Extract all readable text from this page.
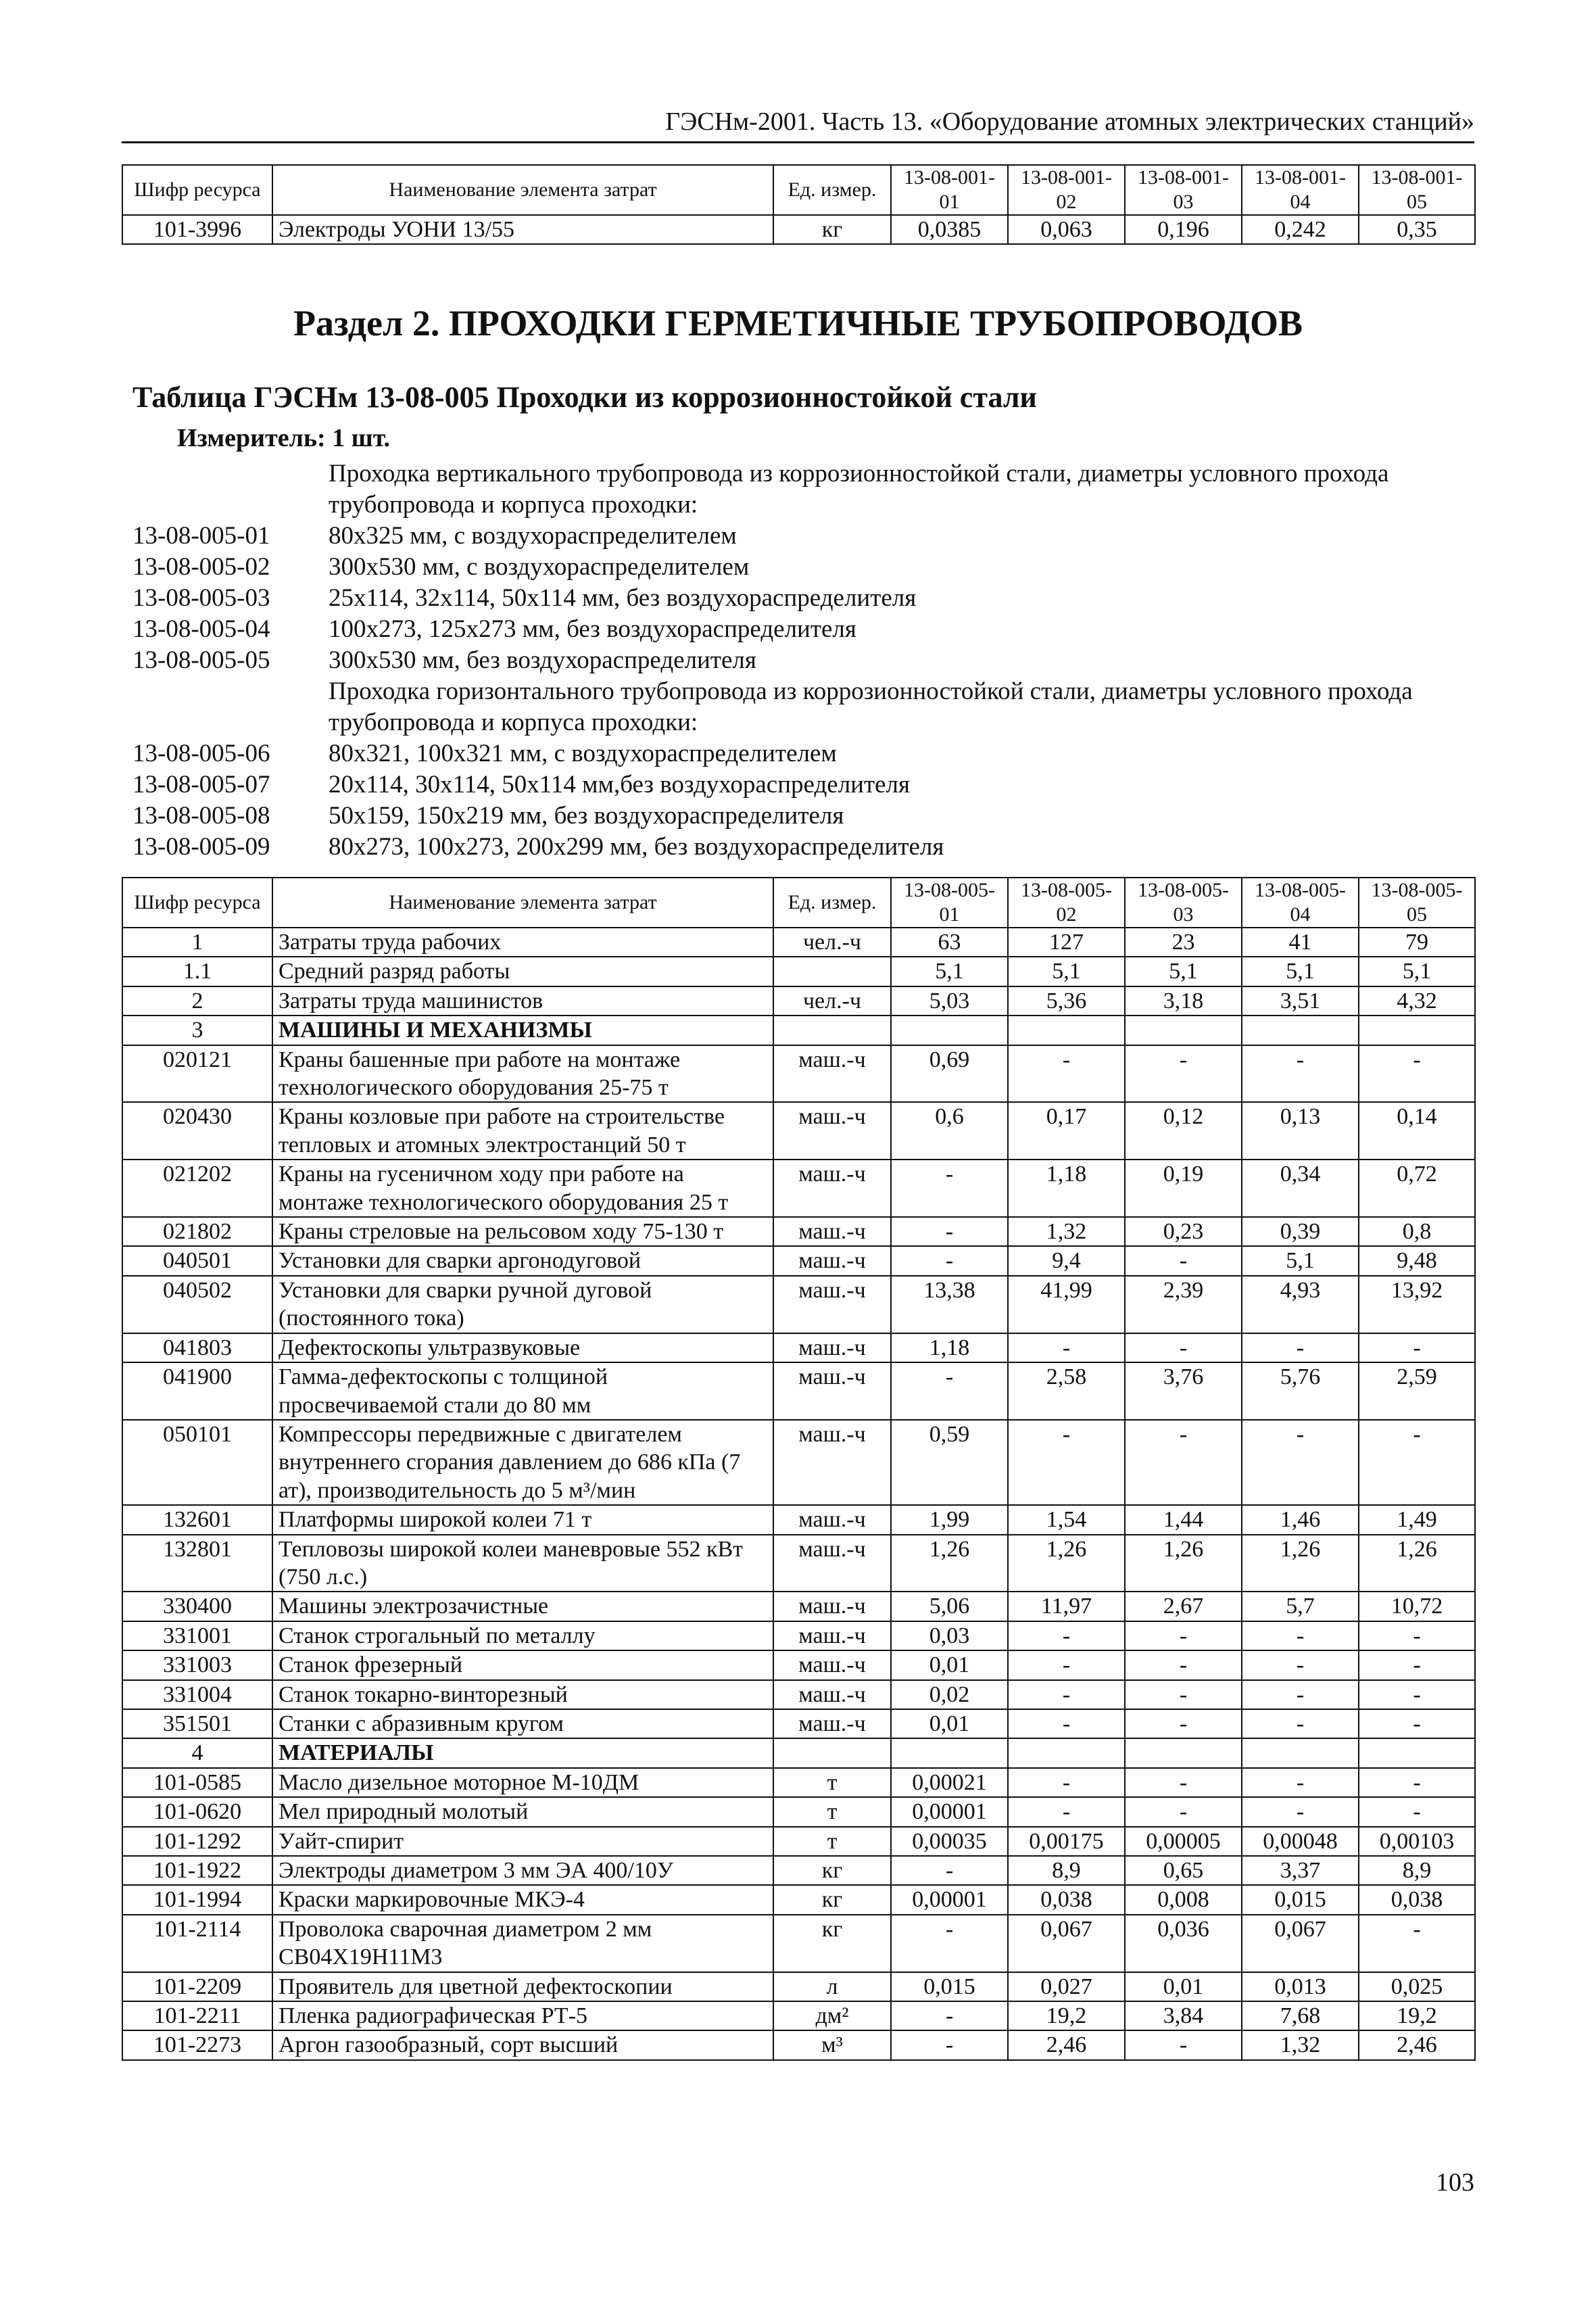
ГЭСНм-2001. Часть 13. «Оборудование атомных электрических станций»
Шифр ресурса	Наименование элемента затрат	Ед. измер.	13-08-001-01	13-08-001-02	13-08-001-03	13-08-001-04	13-08-001-05
101-3996	Электроды УОНИ 13/55	кг	0,0385	0,063	0,196	0,242	0,35
Раздел 2. ПРОХОДКИ ГЕРМЕТИЧНЫЕ ТРУБОПРОВОДОВ
Таблица ГЭСНм 13-08-005 Проходки из коррозионностойкой стали
Измеритель: 1 шт.
Проходка вертикального трубопровода из коррозионностойкой стали, диаметры условного прохода трубопровода и корпуса проходки:
13-08-005-01	80х325 мм, с воздухораспределителем
13-08-005-02	300х530 мм, с воздухораспределителем
13-08-005-03	25х114, 32х114, 50х114 мм, без воздухораспределителя
13-08-005-04	100х273, 125х273 мм, без воздухораспределителя
13-08-005-05	300х530 мм, без воздухораспределителя
Проходка горизонтального трубопровода из коррозионностойкой стали, диаметры условного прохода трубопровода и корпуса проходки:
13-08-005-06	80х321, 100х321 мм, с воздухораспределителем
13-08-005-07	20х114, 30х114, 50х114 мм,без воздухораспределителя
13-08-005-08	50х159, 150х219 мм, без воздухораспределителя
13-08-005-09	80х273, 100х273, 200х299 мм, без воздухораспределителя
Шифр ресурса	Наименование элемента затрат	Ед. измер.	13-08-005-01	13-08-005-02	13-08-005-03	13-08-005-04	13-08-005-05
1	Затраты труда рабочих	чел.-ч	63	127	23	41	79
1.1	Средний разряд работы		5,1	5,1	5,1	5,1	5,1
2	Затраты труда машинистов	чел.-ч	5,03	5,36	3,18	3,51	4,32
3	МАШИНЫ И МЕХАНИЗМЫ						
020121	Краны башенные при работе на монтаже технологического оборудования 25-75 т	маш.-ч	0,69	-	-	-	-
020430	Краны козловые при работе на строительстве тепловых и атомных электростанций 50 т	маш.-ч	0,6	0,17	0,12	0,13	0,14
021202	Краны на гусеничном ходу при работе на монтаже технологического оборудования 25 т	маш.-ч	-	1,18	0,19	0,34	0,72
021802	Краны стреловые на рельсовом ходу 75-130 т	маш.-ч	-	1,32	0,23	0,39	0,8
040501	Установки для сварки аргонодуговой	маш.-ч	-	9,4	-	5,1	9,48
040502	Установки для сварки ручной дуговой (постоянного тока)	маш.-ч	13,38	41,99	2,39	4,93	13,92
041803	Дефектоскопы ультразвуковые	маш.-ч	1,18	-	-	-	-
041900	Гамма-дефектоскопы с толщиной просвечиваемой стали до 80 мм	маш.-ч	-	2,58	3,76	5,76	2,59
050101	Компрессоры передвижные с двигателем внутреннего сгорания давлением до 686 кПа (7 ат), производительность до 5 м³/мин	маш.-ч	0,59	-	-	-	-
132601	Платформы широкой колеи 71 т	маш.-ч	1,99	1,54	1,44	1,46	1,49
132801	Тепловозы широкой колеи маневровые 552 кВт (750 л.с.)	маш.-ч	1,26	1,26	1,26	1,26	1,26
330400	Машины электрозачистные	маш.-ч	5,06	11,97	2,67	5,7	10,72
331001	Станок строгальный по металлу	маш.-ч	0,03	-	-	-	-
331003	Станок фрезерный	маш.-ч	0,01	-	-	-	-
331004	Станок токарно-винторезный	маш.-ч	0,02	-	-	-	-
351501	Станки с абразивным кругом	маш.-ч	0,01	-	-	-	-
4	МАТЕРИАЛЫ						
101-0585	Масло дизельное моторное М-10ДМ	т	0,00021	-	-	-	-
101-0620	Мел природный молотый	т	0,00001	-	-	-	-
101-1292	Уайт-спирит	т	0,00035	0,00175	0,00005	0,00048	0,00103
101-1922	Электроды диаметром 3 мм ЭА 400/10У	кг	-	8,9	0,65	3,37	8,9
101-1994	Краски маркировочные МКЭ-4	кг	0,00001	0,038	0,008	0,015	0,038
101-2114	Проволока сварочная диаметром 2 мм СВ04Х19Н11М3	кг	-	0,067	0,036	0,067	-
101-2209	Проявитель для цветной дефектоскопии	л	0,015	0,027	0,01	0,013	0,025
101-2211	Пленка радиографическая РТ-5	дм²	-	19,2	3,84	7,68	19,2
101-2273	Аргон газообразный, сорт высший	м³	-	2,46	-	1,32	2,46
103
